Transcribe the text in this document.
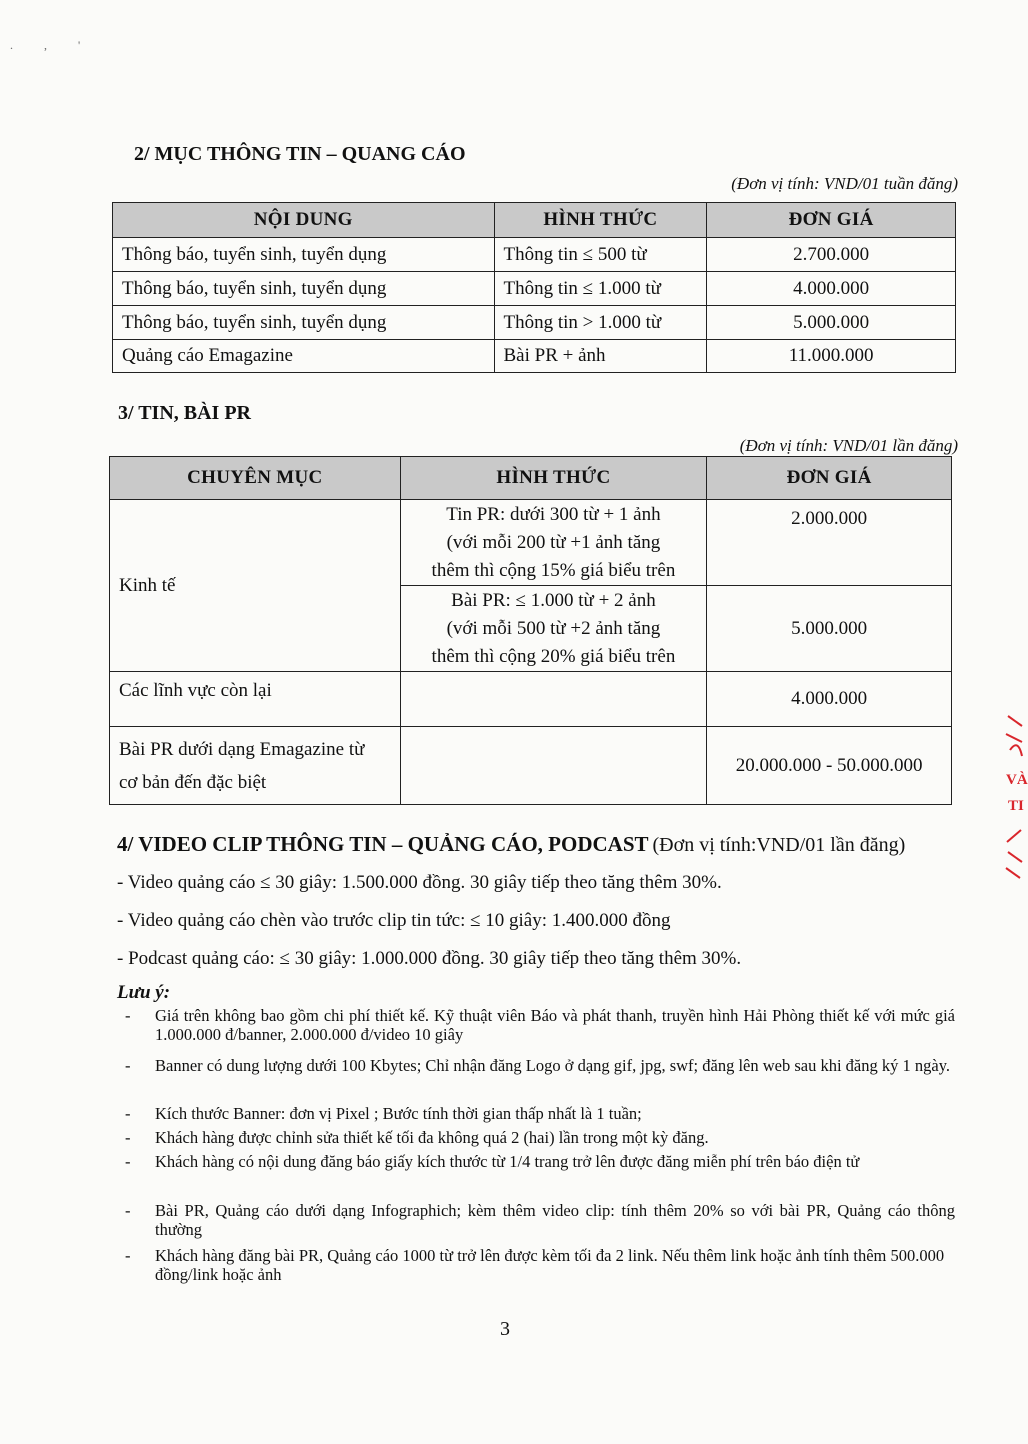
. , '
2/ MỤC THÔNG TIN – QUANG CÁO
(Đơn vị tính: VND/01 tuần đăng)
NỘI DUNG	HÌNH THỨC	ĐƠN GIÁ
Thông báo, tuyển sinh, tuyển dụng	Thông tin ≤ 500 từ	2.700.000
Thông báo, tuyển sinh, tuyển dụng	Thông tin ≤ 1.000 từ	4.000.000
Thông báo, tuyển sinh, tuyển dụng	Thông tin > 1.000 từ	5.000.000
Quảng cáo Emagazine	Bài PR + ảnh	11.000.000
3/ TIN, BÀI PR
(Đơn vị tính: VND/01 lần đăng)
CHUYÊN MỤC	HÌNH THỨC	ĐƠN GIÁ
Kinh tế	Tin PR: dưới 300 từ + 1 ảnh
(với mỗi 200 từ +1 ảnh tăng
thêm thì cộng 15% giá biểu trên	2.000.000

	Bài PR: ≤ 1.000 từ + 2 ảnh
(với mỗi 500 từ +2 ảnh tăng
thêm thì cộng 20% giá biểu trên	5.000.000
Các lĩnh vực còn lại		4.000.000

Bài PR dưới dạng Emagazine từ
cơ bản đến đặc biệt		20.000.000 - 50.000.000
4/ VIDEO CLIP THÔNG TIN – QUẢNG CÁO, PODCAST (Đơn vị tính:VND/01 lần đăng)
- Video quảng cáo ≤ 30 giây: 1.500.000 đồng. 30 giây tiếp theo tăng thêm 30%.
- Video quảng cáo chèn vào trước clip tin tức: ≤ 10 giây: 1.400.000 đồng
- Podcast quảng cáo: ≤ 30 giây: 1.000.000 đồng. 30 giây tiếp theo tăng thêm 30%.
Lưu ý:
- Giá trên không bao gồm chi phí thiết kế. Kỹ thuật viên Báo và phát thanh, truyền hình Hải Phòng thiết kế với mức giá 1.000.000 đ/banner, 2.000.000 đ/video 10 giây
- Banner có dung lượng dưới 100 Kbytes; Chỉ nhận đăng Logo ở dạng gif, jpg, swf; đăng lên web sau khi đăng ký 1 ngày.
- Kích thước Banner: đơn vị Pixel ; Bước tính thời gian thấp nhất là 1 tuần;
- Khách hàng được chỉnh sửa thiết kế tối đa không quá 2 (hai) lần trong một kỳ đăng.
- Khách hàng có nội dung đăng báo giấy kích thước từ 1/4 trang trở lên được đăng miễn phí trên báo điện tử
- Bài PR, Quảng cáo dưới dạng Infographich; kèm thêm video clip: tính thêm 20% so với bài PR, Quảng cáo thông thường
- Khách hàng đăng bài PR, Quảng cáo 1000 từ trở lên được kèm tối đa 2 link. Nếu thêm link hoặc ảnh tính thêm 500.000 đồng/link hoặc ảnh
3
VÀ
TI
